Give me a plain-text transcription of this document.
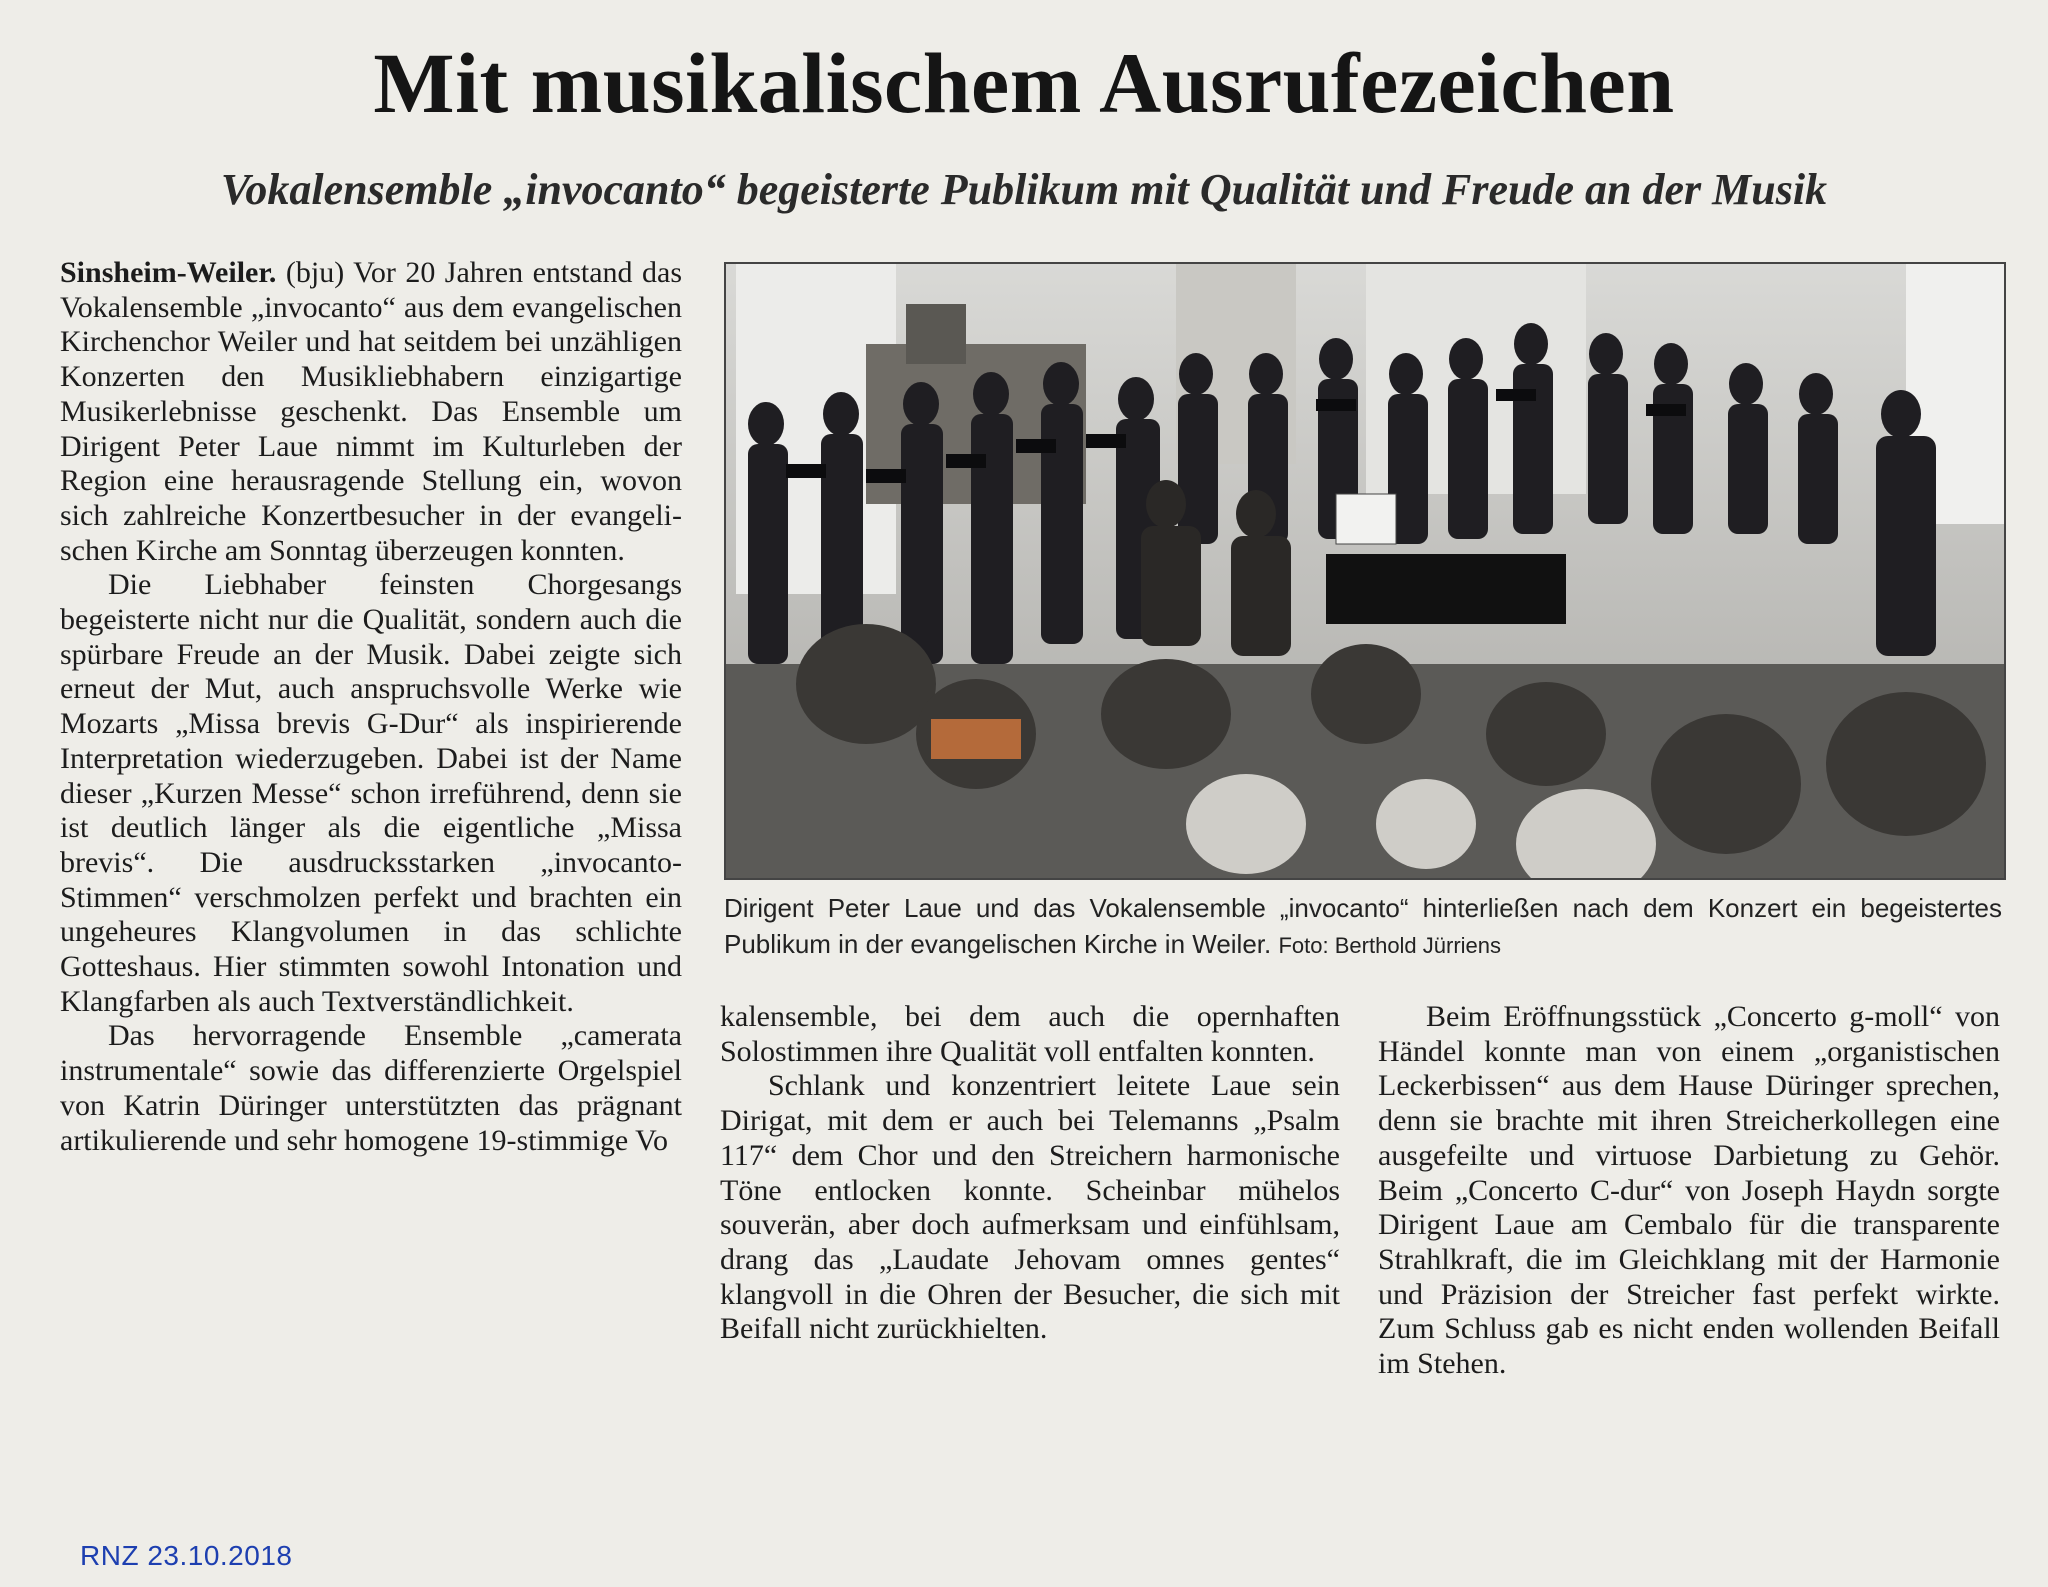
Mit musikalischem Ausrufezeichen
Vokalensemble „invocanto“ begeisterte Publikum mit Qualität und Freude an der Musik

Sinsheim-Weiler. (bju) Vor 20 Jahren entstand das Vokalensemble „invocanto“ aus dem evangelischen Kirchenchor Weiler und hat seitdem bei unzähligen Konzerten den Musikliebhabern einzigartige Musikerlebnisse geschenkt. Das Ensemble um Dirigent Peter Laue nimmt im Kulturleben der Region eine herausragende Stellung ein, wovon sich zahlreiche Konzertbesucher in der evangelischen Kirche am Sonntag überzeugen konnten.

Die Liebhaber feinsten Chorgesangs begeisterte nicht nur die Qualität, sondern auch die spürbare Freude an der Musik. Dabei zeigte sich erneut der Mut, auch anspruchsvolle Werke wie Mozarts „Missa brevis G-Dur“ als inspirierende Interpretation wiederzugeben. Dabei ist der Name dieser „Kurzen Messe“ schon irreführend, denn sie ist deutlich länger als die eigentliche „Missa brevis“. Die ausdrucksstarken „invocanto-Stimmen“ verschmolzen perfekt und brachten ein ungeheures Klangvolumen in das schlichte Gotteshaus. Hier stimmten sowohl Intonation und Klangfarben als auch Textverständlichkeit.

Das hervorragende Ensemble „camerata instrumentale“ sowie das differenzierte Orgelspiel von Katrin Düringer unterstützten das prägnant artikulierende und sehr homogene 19-stimmige Vo

Dirigent Peter Laue und das Vokalensemble „invocanto“ hinterließen nach dem Konzert ein begeistertes Publikum in der evangelischen Kirche in Weiler. Foto: Berthold Jürriens

kalensemble, bei dem auch die opernhaften Solostimmen ihre Qualität voll entfalten konnten.

Schlank und konzentriert leitete Laue sein Dirigat, mit dem er auch bei Telemanns „Psalm 117“ dem Chor und den Streichern harmonische Töne entlocken konnte. Scheinbar mühelos souverän, aber doch aufmerksam und einfühlsam, drang das „Laudate Jehovam omnes gentes“ klangvoll in die Ohren der Besucher, die sich mit Beifall nicht zurückhielten.

Beim Eröffnungsstück „Concerto g-moll“ von Händel konnte man von einem „organistischen Leckerbissen“ aus dem Hause Düringer sprechen, denn sie brachte mit ihren Streicherkollegen eine ausgefeilte und virtuose Darbietung zu Gehör. Beim „Concerto C-dur“ von Joseph Haydn sorgte Dirigent Laue am Cembalo für die transparente Strahlkraft, die im Gleichklang mit der Harmonie und Präzision der Streicher fast perfekt wirkte. Zum Schluss gab es nicht enden wollenden Beifall im Stehen.

RNZ 23.10.2018
